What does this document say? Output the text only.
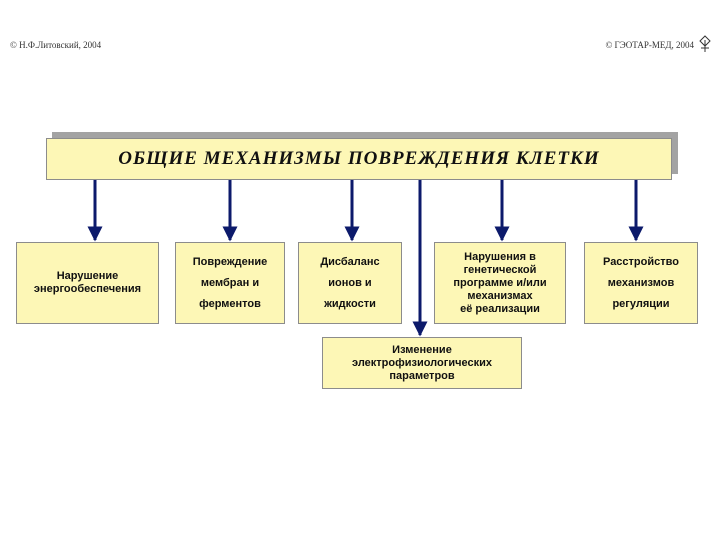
© Н.Ф.Литовский, 2004	© ГЭОТАР-МЕД, 2004
ОБЩИЕ МЕХАНИЗМЫ ПОВРЕЖДЕНИЯ КЛЕТКИ
Нарушение
энергообеспечения
Повреждение
мембран и
ферментов
Дисбаланс
ионов и
жидкости
Нарушения в
генетической
программе и/или
механизмах
её реализации
Расстройство
механизмов
регуляции
Изменение
электрофизиологических
параметров
